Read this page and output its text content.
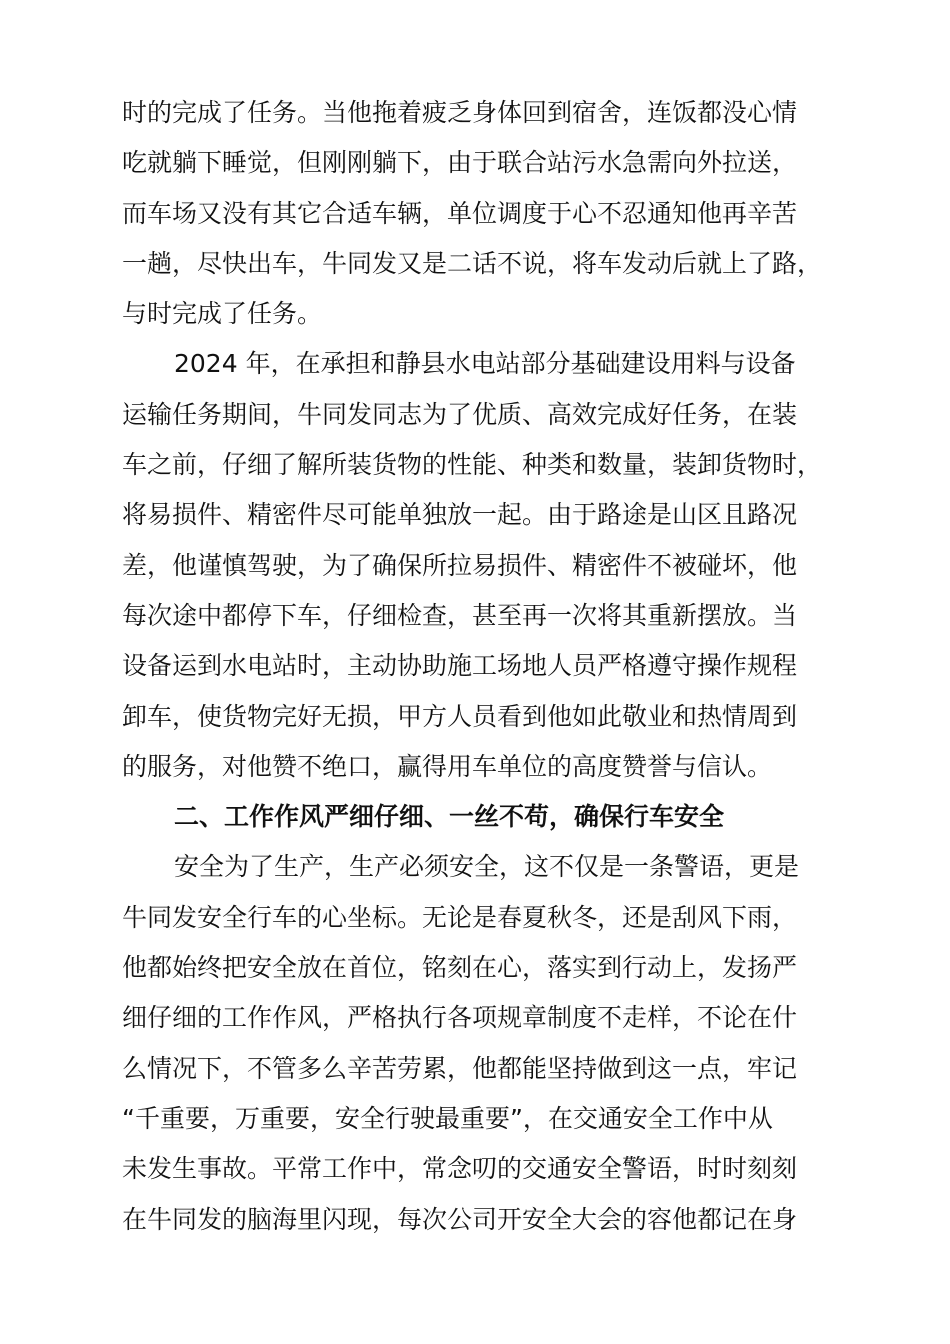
时的完成了任务。当他拖着疲乏身体回到宿舍，连饭都没心情
吃就躺下睡觉，但刚刚躺下，由于联合站污水急需向外拉送，
而车场又没有其它合适车辆，单位调度于心不忍通知他再辛苦
一趟，尽快出车，牛同发又是二话不说，将车发动后就上了路，
与时完成了任务。
2024 年，在承担和静县水电站部分基础建设用料与设备
运输任务期间，牛同发同志为了优质、高效完成好任务，在装
车之前，仔细了解所装货物的性能、种类和数量，装卸货物时，
将易损件、精密件尽可能单独放一起。由于路途是山区且路况
差，他谨慎驾驶，为了确保所拉易损件、精密件不被碰坏，他
每次途中都停下车，仔细检查，甚至再一次将其重新摆放。当
设备运到水电站时，主动协助施工场地人员严格遵守操作规程
卸车，使货物完好无损，甲方人员看到他如此敬业和热情周到
的服务，对他赞不绝口，赢得用车单位的高度赞誉与信认。
二、工作作风严细仔细、一丝不苟，确保行车安全
安全为了生产，生产必须安全，这不仅是一条警语，更是
牛同发安全行车的心坐标。无论是春夏秋冬，还是刮风下雨，
他都始终把安全放在首位，铭刻在心，落实到行动上，发扬严
细仔细的工作作风，严格执行各项规章制度不走样，不论在什
么情况下，不管多么辛苦劳累，他都能坚持做到这一点，牢记
“千重要，万重要，安全行驶最重要”，在交通安全工作中从
未发生事故。平常工作中，常念叨的交通安全警语，时时刻刻
在牛同发的脑海里闪现，每次公司开安全大会的容他都记在身
